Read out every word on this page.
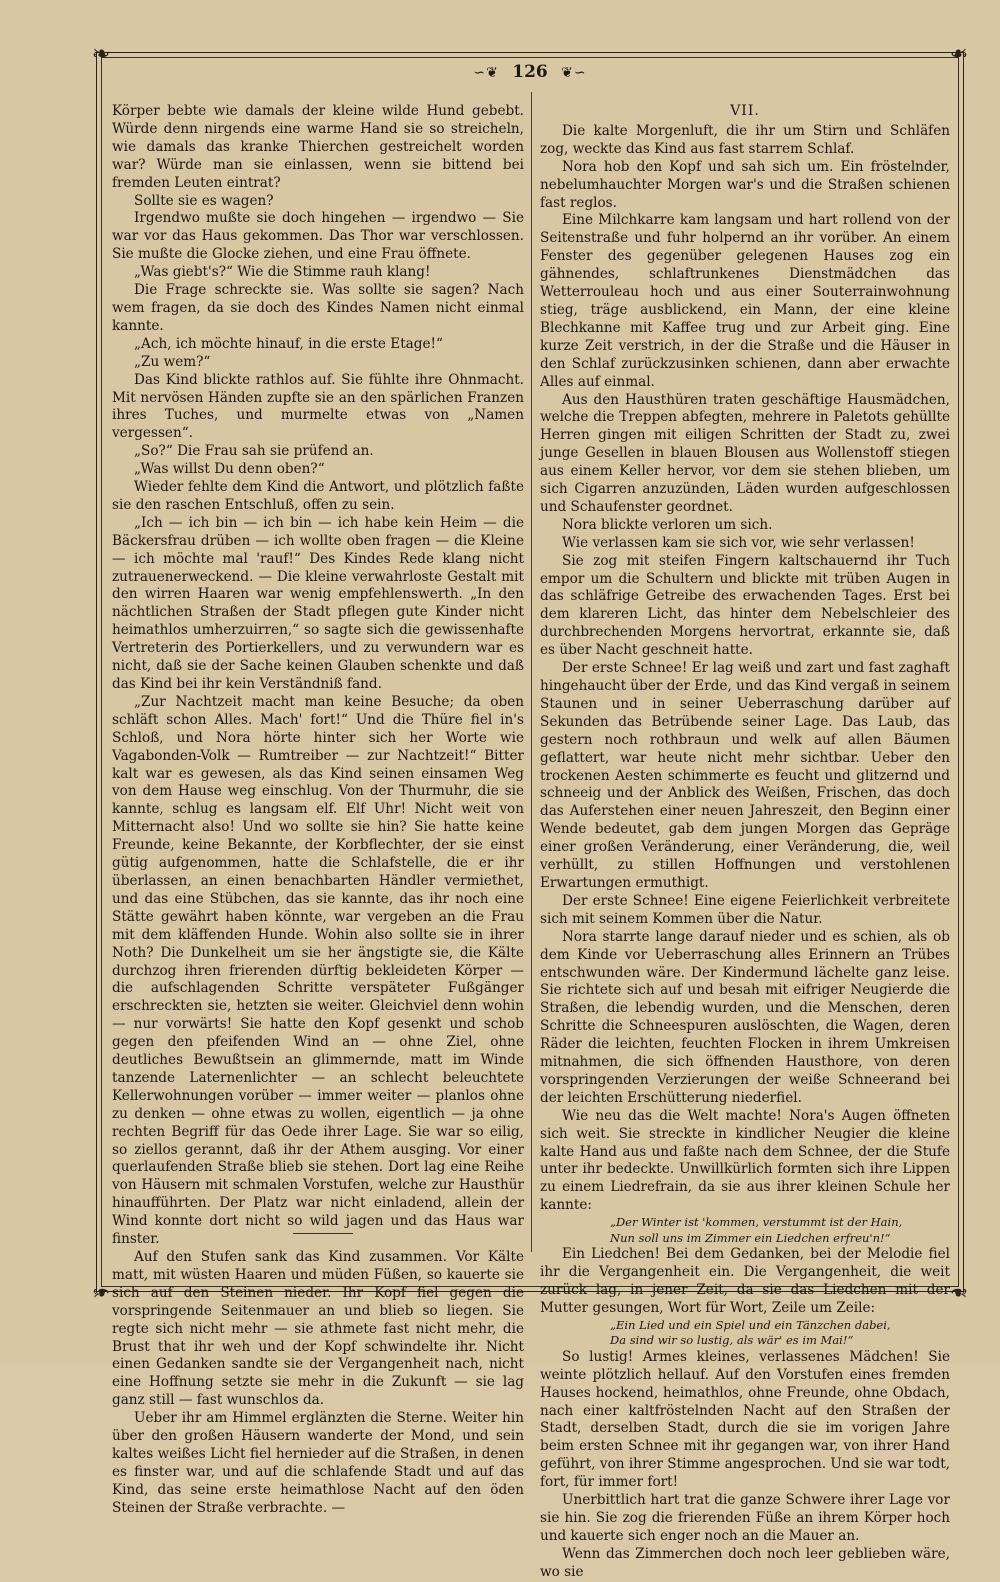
❧	❧
❧	❧
∽❦ 126 ❦∽

Körper bebte wie damals der kleine wilde Hund gebebt. Würde denn nirgends eine warme Hand sie so streicheln, wie damals das kranke Thierchen gestreichelt worden war? Würde man sie einlassen, wenn sie bittend bei fremden Leuten eintrat?

Sollte sie es wagen?

Irgendwo mußte sie doch hingehen — irgendwo — Sie war vor das Haus gekommen. Das Thor war verschlossen. Sie mußte die Glocke ziehen, und eine Frau öffnete.

„Was giebt's?“ Wie die Stimme rauh klang!

Die Frage schreckte sie. Was sollte sie sagen? Nach wem fragen, da sie doch des Kindes Namen nicht einmal kannte.

„Ach, ich möchte hinauf, in die erste Etage!“

„Zu wem?“

Das Kind blickte rathlos auf. Sie fühlte ihre Ohnmacht. Mit nervösen Händen zupfte sie an den spärlichen Franzen ihres Tuches, und murmelte etwas von „Namen vergessen“.

„So?“ Die Frau sah sie prüfend an.

„Was willst Du denn oben?“

Wieder fehlte dem Kind die Antwort, und plötzlich faßte sie den raschen Entschluß, offen zu sein.

„Ich — ich bin — ich bin — ich habe kein Heim — die Bäckersfrau drüben — ich wollte oben fragen — die Kleine — ich möchte mal 'rauf!“ Des Kindes Rede klang nicht zutrauenerweckend. — Die kleine verwahrloste Gestalt mit den wirren Haaren war wenig empfehlenswerth. „In den nächtlichen Straßen der Stadt pflegen gute Kinder nicht heimathlos umherzuirren,“ so sagte sich die gewissenhafte Vertreterin des Portierkellers, und zu verwundern war es nicht, daß sie der Sache keinen Glauben schenkte und daß das Kind bei ihr kein Verständniß fand.

„Zur Nachtzeit macht man keine Besuche; da oben schläft schon Alles. Mach' fort!“ Und die Thüre fiel in's Schloß, und Nora hörte hinter sich her Worte wie Vagabonden-Volk — Rumtreiber — zur Nachtzeit!“ Bitter kalt war es gewesen, als das Kind seinen einsamen Weg von dem Hause weg einschlug. Von der Thurmuhr, die sie kannte, schlug es langsam elf. Elf Uhr! Nicht weit von Mitternacht also! Und wo sollte sie hin? Sie hatte keine Freunde, keine Bekannte, der Korbflechter, der sie einst gütig aufgenommen, hatte die Schlafstelle, die er ihr überlassen, an einen benachbarten Händler vermiethet, und das eine Stübchen, das sie kannte, das ihr noch eine Stätte gewährt haben könnte, war vergeben an die Frau mit dem kläffenden Hunde. Wohin also sollte sie in ihrer Noth? Die Dunkelheit um sie her ängstigte sie, die Kälte durchzog ihren frierenden dürftig bekleideten Körper — die aufschlagenden Schritte verspäteter Fußgänger erschreckten sie, hetzten sie weiter. Gleichviel denn wohin — nur vorwärts! Sie hatte den Kopf gesenkt und schob gegen den pfeifenden Wind an — ohne Ziel, ohne deutliches Bewußtsein an glimmernde, matt im Winde tanzende Laternenlichter — an schlecht beleuchtete Kellerwohnungen vorüber — immer weiter — planlos ohne zu denken — ohne etwas zu wollen, eigentlich — ja ohne rechten Begriff für das Oede ihrer Lage. Sie war so eilig, so ziellos gerannt, daß ihr der Athem ausging. Vor einer querlaufenden Straße blieb sie stehen. Dort lag eine Reihe von Häusern mit schmalen Vorstufen, welche zur Hausthür hinaufführten. Der Platz war nicht einladend, allein der Wind konnte dort nicht so wild jagen und das Haus war finster.

Auf den Stufen sank das Kind zusammen. Vor Kälte matt, mit wüsten Haaren und müden Füßen, so kauerte sie sich auf den Steinen nieder. Ihr Kopf fiel gegen die vorspringende Seitenmauer an und blieb so liegen. Sie regte sich nicht mehr — sie athmete fast nicht mehr, die Brust that ihr weh und der Kopf schwindelte ihr. Nicht einen Gedanken sandte sie der Vergangenheit nach, nicht eine Hoffnung setzte sie mehr in die Zukunft — sie lag ganz still — fast wunschlos da.

Ueber ihr am Himmel erglänzten die Sterne. Weiter hin über den großen Häusern wanderte der Mond, und sein kaltes weißes Licht fiel hernieder auf die Straßen, in denen es finster war, und auf die schlafende Stadt und auf das Kind, das seine erste heimathlose Nacht auf den öden Steinen der Straße verbrachte. —

VII.

Die kalte Morgenluft, die ihr um Stirn und Schläfen zog, weckte das Kind aus fast starrem Schlaf.

Nora hob den Kopf und sah sich um. Ein fröstelnder, nebelumhauchter Morgen war's und die Straßen schienen fast reglos.

Eine Milchkarre kam langsam und hart rollend von der Seitenstraße und fuhr holpernd an ihr vorüber. An einem Fenster des gegenüber gelegenen Hauses zog ein gähnendes, schlaftrunkenes Dienstmädchen das Wetterrouleau hoch und aus einer Souterrainwohnung stieg, träge ausblickend, ein Mann, der eine kleine Blechkanne mit Kaffee trug und zur Arbeit ging. Eine kurze Zeit verstrich, in der die Straße und die Häuser in den Schlaf zurückzusinken schienen, dann aber erwachte Alles auf einmal.

Aus den Hausthüren traten geschäftige Hausmädchen, welche die Treppen abfegten, mehrere in Paletots gehüllte Herren gingen mit eiligen Schritten der Stadt zu, zwei junge Gesellen in blauen Blousen aus Wollenstoff stiegen aus einem Keller hervor, vor dem sie stehen blieben, um sich Cigarren anzuzünden, Läden wurden aufgeschlossen und Schaufenster geordnet.

Nora blickte verloren um sich.

Wie verlassen kam sie sich vor, wie sehr verlassen!

Sie zog mit steifen Fingern kaltschauernd ihr Tuch empor um die Schultern und blickte mit trüben Augen in das schläfrige Getreibe des erwachenden Tages. Erst bei dem klareren Licht, das hinter dem Nebelschleier des durchbrechenden Morgens hervortrat, erkannte sie, daß es über Nacht geschneit hatte.

Der erste Schnee! Er lag weiß und zart und fast zaghaft hingehaucht über der Erde, und das Kind vergaß in seinem Staunen und in seiner Ueberraschung darüber auf Sekunden das Betrübende seiner Lage. Das Laub, das gestern noch rothbraun und welk auf allen Bäumen geflattert, war heute nicht mehr sichtbar. Ueber den trockenen Aesten schimmerte es feucht und glitzernd und schneeig und der Anblick des Weißen, Frischen, das doch das Auferstehen einer neuen Jahreszeit, den Beginn einer Wende bedeutet, gab dem jungen Morgen das Gepräge einer großen Veränderung, einer Veränderung, die, weil verhüllt, zu stillen Hoffnungen und verstohlenen Erwartungen ermuthigt.

Der erste Schnee! Eine eigene Feierlichkeit verbreitete sich mit seinem Kommen über die Natur.

Nora starrte lange darauf nieder und es schien, als ob dem Kinde vor Ueberraschung alles Erinnern an Trübes entschwunden wäre. Der Kindermund lächelte ganz leise. Sie richtete sich auf und besah mit eifriger Neugierde die Straßen, die lebendig wurden, und die Menschen, deren Schritte die Schneespuren auslöschten, die Wagen, deren Räder die leichten, feuchten Flocken in ihrem Umkreisen mitnahmen, die sich öffnenden Hausthore, von deren vorspringenden Verzierungen der weiße Schneerand bei der leichten Erschütterung niederfiel.

Wie neu das die Welt machte! Nora's Augen öffneten sich weit. Sie streckte in kindlicher Neugier die kleine kalte Hand aus und faßte nach dem Schnee, der die Stufe unter ihr bedeckte. Unwillkürlich formten sich ihre Lippen zu einem Liedrefrain, da sie aus ihrer kleinen Schule her kannte:

„Der Winter ist 'kommen, verstummt ist der Hain,

Nun soll uns im Zimmer ein Liedchen erfreu'n!“

Ein Liedchen! Bei dem Gedanken, bei der Melodie fiel ihr die Vergangenheit ein. Die Vergangenheit, die weit zurück lag, in jener Zeit, da sie das Liedchen mit der Mutter gesungen, Wort für Wort, Zeile um Zeile:

„Ein Lied und ein Spiel und ein Tänzchen dabei,

Da sind wir so lustig, als wär' es im Mai!“

So lustig! Armes kleines, verlassenes Mädchen! Sie weinte plötzlich hellauf. Auf den Vorstufen eines fremden Hauses hockend, heimathlos, ohne Freunde, ohne Obdach, nach einer kaltfröstelnden Nacht auf den Straßen der Stadt, derselben Stadt, durch die sie im vorigen Jahre beim ersten Schnee mit ihr gegangen war, von ihrer Hand geführt, von ihrer Stimme angesprochen. Und sie war todt, fort, für immer fort!

Unerbittlich hart trat die ganze Schwere ihrer Lage vor sie hin. Sie zog die frierenden Füße an ihrem Körper hoch und kauerte sich enger noch an die Mauer an.

Wenn das Zimmerchen doch noch leer geblieben wäre, wo sie
